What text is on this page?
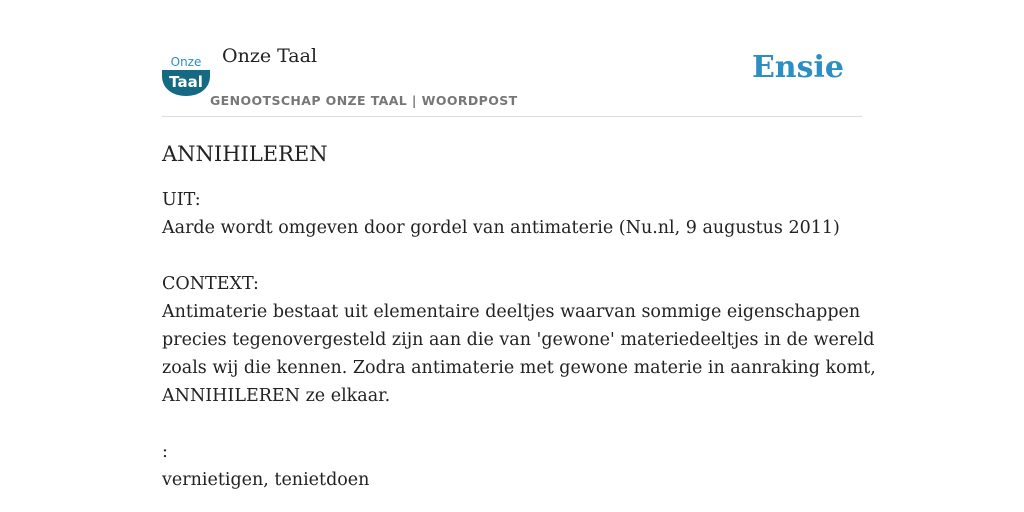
Onze
Taal
Onze Taal
GENOOTSCHAP ONZE TAAL | WOORDPOST
Ensie
ANNIHILEREN
UIT:
Aarde wordt omgeven door gordel van antimaterie (Nu.nl, 9 augustus 2011)
CONTEXT:
Antimaterie bestaat uit elementaire deeltjes waarvan sommige eigenschappen
precies tegenovergesteld zijn aan die van 'gewone' materiedeeltjes in de wereld
zoals wij die kennen. Zodra antimaterie met gewone materie in aanraking komt,
ANNIHILEREN ze elkaar.
:
vernietigen, tenietdoen
